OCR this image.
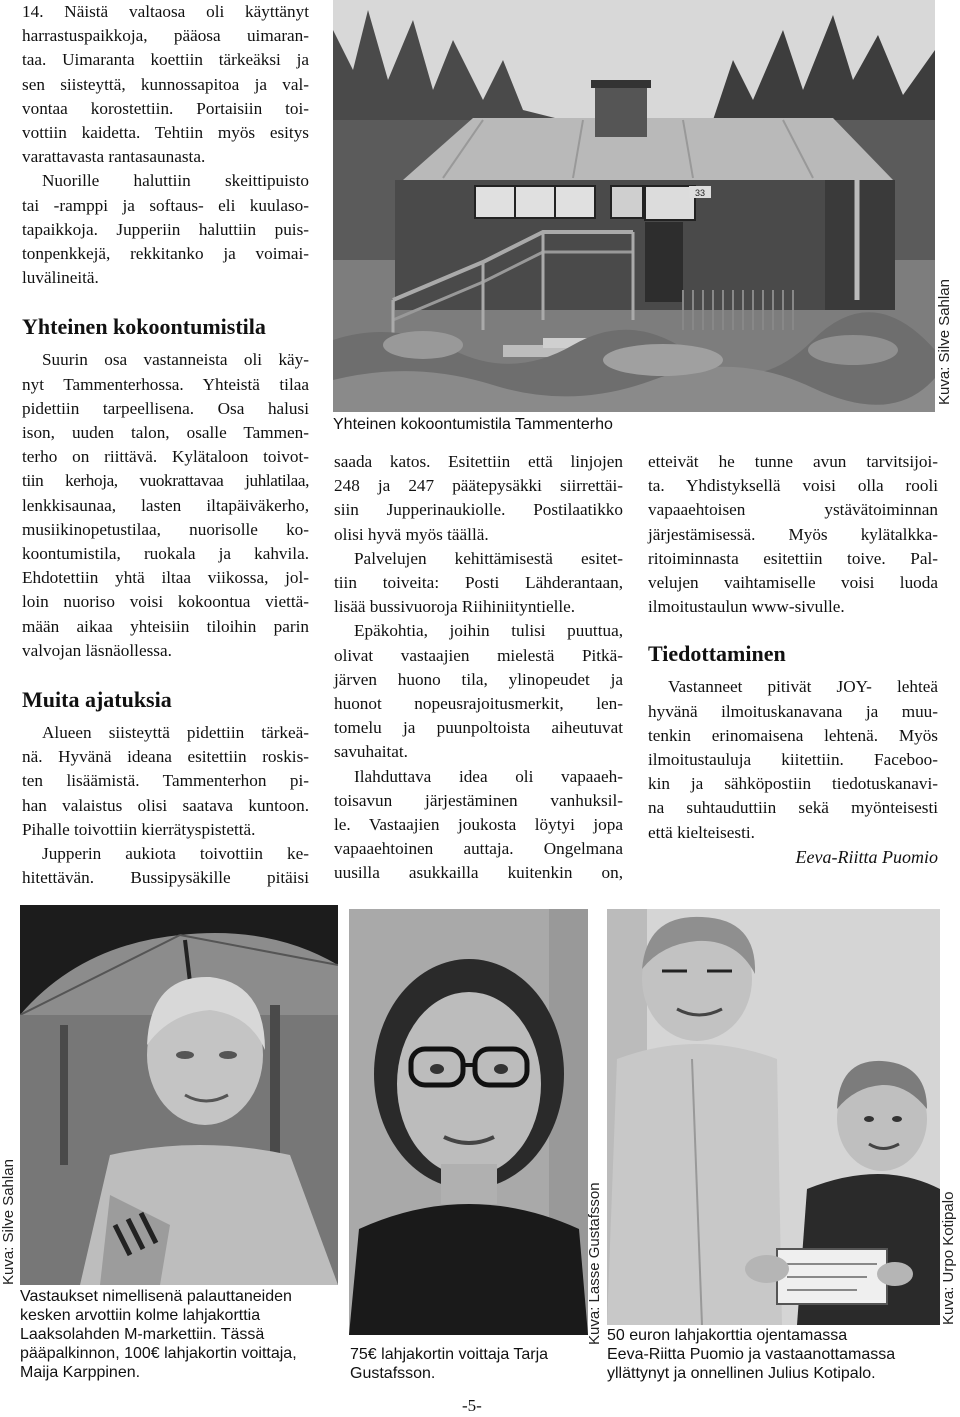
14. Näistä valtaosa oli käyttänyt

harrastuspaikkoja, pääosa uimaran-

taa. Uimaranta koettiin tärkeäksi ja

sen siisteyttä, kunnossapitoa ja val-

vontaa korostettiin. Portaisiin toi-

vottiin kaidetta. Tehtiin myös esitys

varattavasta rantasaunasta.

Nuorille haluttiin skeittipuisto

tai -ramppi ja softaus- eli kuulaso-

tapaikkoja. Jupperiin haluttiin puis-

tonpenkkejä, rekkitanko ja voimai-

luvälineitä.

Yhteinen kokoontumistila

Suurin osa vastanneista oli käy-

nyt Tammenterhossa. Yhteistä tilaa

pidettiin tarpeellisena. Osa halusi

ison, uuden talon, osalle Tammen-

terho on riittävä. Kylätaloon toivot-

tiin kerhoja, vuokrattavaa juhlatilaa,

lenkkisaunaa, lasten iltapäiväkerho,

musiikinopetustilaa, nuorisolle ko-

koontumistila, ruokala ja kahvila.

Ehdotettiin yhtä iltaa viikossa, jol-

loin nuoriso voisi kokoontua viettä-

mään aikaa yhteisiin tiloihin parin

valvojan läsnäollessa.

Muita ajatuksia

Alueen siisteyttä pidettiin tärkeä-

nä. Hyvänä ideana esitettiin roskis-

ten lisäämistä. Tammenterhon pi-

han valaistus olisi saatava kuntoon.

Pihalle toivottiin kierrätyspistettä.

Jupperin aukiota toivottiin ke-

hitettävän. Bussipysäkille pitäisi

33
Yhteinen kokoontumistila Tammenterho
Kuva: Silve Sahlan

saada katos. Esitettiin että linjojen

248 ja 247 päätepysäkki siirrettäi-

siin Jupperinaukiolle. Postilaatikko

olisi hyvä myös täällä.

Palvelujen kehittämisestä esitet-

tiin toiveita: Posti Lähderantaan,

lisää bussivuoroja Riihiniityntielle.

Epäkohtia, joihin tulisi puuttua,

olivat vastaajien mielestä Pitkä-

järven huono tila, ylinopeudet ja

huonot nopeusrajoitusmerkit, len-

tomelu ja puunpoltoista aiheutuvat

savuhaitat.

Ilahduttava idea oli vapaaeh-

toisavun järjestäminen vanhuksil-

le. Vastaajien joukosta löytyi jopa

vapaaehtoinen auttaja. Ongelmana

uusilla asukkailla kuitenkin on,

etteivät he tunne avun tarvitsijoi-

ta. Yhdistyksellä voisi olla rooli

vapaaehtoisen ystävätoiminnan

järjestämisessä. Myös kylätalkka-

ritoiminnasta esitettiin toive. Pal-

velujen vaihtamiselle voisi luoda

ilmoitustaulun www-sivulle.

Tiedottaminen

Vastanneet pitivät JOY- lehteä

hyvänä ilmoituskanavana ja muu-

tenkin erinomaisena lehtenä. Myös

ilmoitustauluja kiitettiin. Faceboo-

kin ja sähköpostiin tiedotuskanavi-

na suhtauduttiin sekä myönteisesti

että kielteisesti.

Eeva-Riitta Puomio

Kuva: Silve Sahlan
Vastaukset nimellisenä palauttaneiden
kesken arvottiin kolme lahjakorttia
Laaksolahden M-markettiin. Tässä
pääpalkinnon, 100€ lahjakortin voittaja,
Maija Karppinen.
Kuva: Lasse Gustafsson
75€ lahjakortin voittaja Tarja
Gustafsson.
Kuva: Urpo Kotipalo
50 euron lahjakorttia ojentamassa
Eeva-Riitta Puomio ja vastaanottamassa
yllättynyt ja onnellinen Julius Kotipalo.
-5-
